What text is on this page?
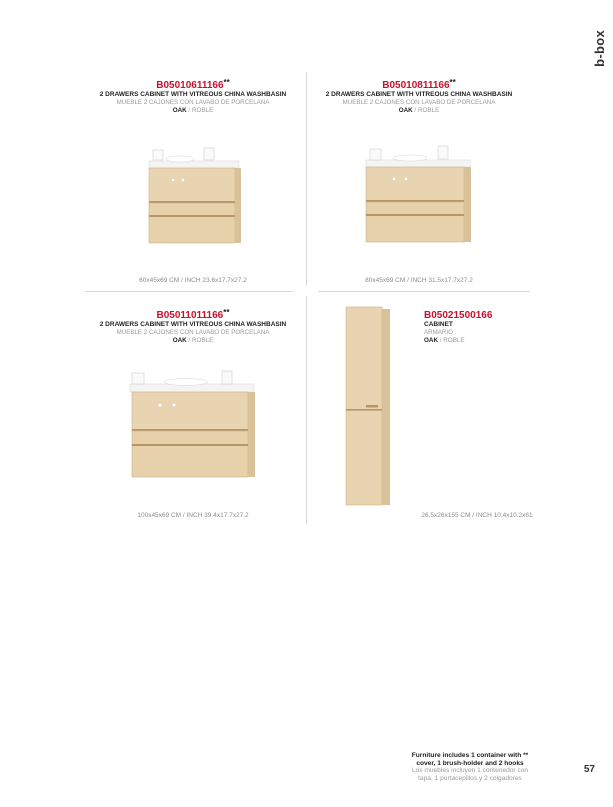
b-box
B05010611166**
2 DRAWERS CABINET WITH VITREOUS CHINA WASHBASIN
MUEBLE 2 CAJONES CON LAVABO DE PORCELANA
OAK / ROBLE
60x45x69 CM / INCH 23.6x17.7x27.2
B05010811166**
2 DRAWERS CABINET WITH VITREOUS CHINA WASHBASIN
MUEBLE 2 CAJONES CON LAVABO DE PORCELANA
OAK / ROBLE
80x45x69 CM / INCH 31.5x17.7x27.2
B05011011166**
2 DRAWERS CABINET WITH VITREOUS CHINA WASHBASIN
MUEBLE 2 CAJONES CON LAVABO DE PORCELANA
OAK / ROBLE
100x45x69 CM / INCH 39.4x17.7x27.2
B05021500166
CABINET
ARMARIO
OAK / ROBLE
26,5x26x155 CM / INCH 10.4x10.2x61
Furniture includes 1 container with **
cover, 1 brush-holder and 2 hooks
Los muebles incluyen 1 contenedor con
tapa, 1 portacepillos y 2 colgadores
57
